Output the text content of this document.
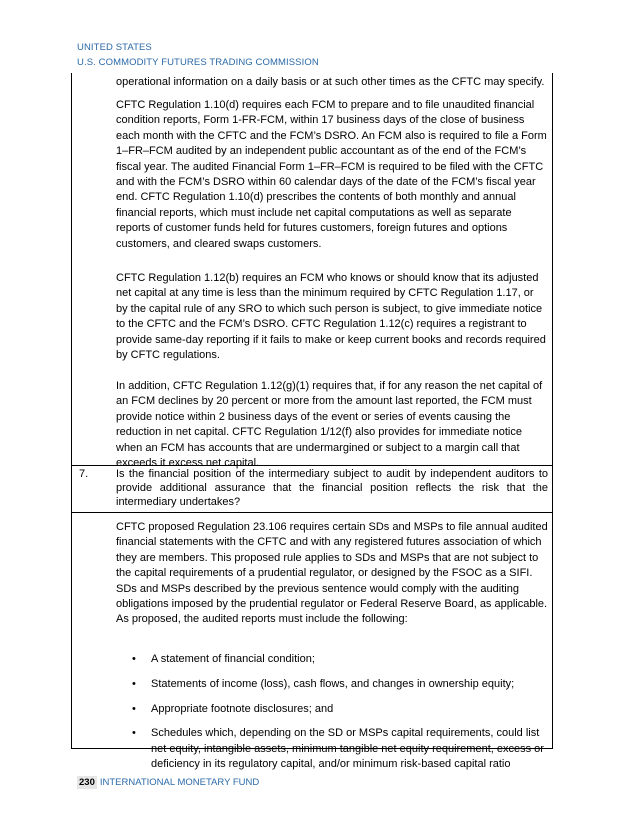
UNITED STATES
U.S. COMMODITY FUTURES TRADING COMMISSION
operational information on a daily basis or at such other times as the CFTC may specify.
CFTC Regulation 1.10(d) requires each FCM to prepare and to file unaudited financial condition reports, Form 1-FR-FCM, within 17 business days of the close of business each month with the CFTC and the FCM’s DSRO. An FCM also is required to file a Form 1–FR–FCM audited by an independent public accountant as of the end of the FCM’s fiscal year. The audited Financial Form 1–FR–FCM is required to be filed with the CFTC and with the FCM’s DSRO within 60 calendar days of the date of the FCM’s fiscal year end. CFTC Regulation 1.10(d) prescribes the contents of both monthly and annual financial reports, which must include net capital computations as well as separate reports of customer funds held for futures customers, foreign futures and options customers, and cleared swaps customers.
CFTC Regulation 1.12(b) requires an FCM who knows or should know that its adjusted net capital at any time is less than the minimum required by CFTC Regulation 1.17, or by the capital rule of any SRO to which such person is subject, to give immediate notice to the CFTC and the FCM’s DSRO. CFTC Regulation 1.12(c) requires a registrant to provide same-day reporting if it fails to make or keep current books and records required by CFTC regulations.
In addition, CFTC Regulation 1.12(g)(1) requires that, if for any reason the net capital of an FCM declines by 20 percent or more from the amount last reported, the FCM must provide notice within 2 business days of the event or series of events causing the reduction in net capital. CFTC Regulation 1/12(f) also provides for immediate notice when an FCM has accounts that are undermargined or subject to a margin call that exceeds it excess net capital.
7.	Is the financial position of the intermediary subject to audit by independent auditors to provide additional assurance that the financial position reflects the risk that the intermediary undertakes?
CFTC proposed Regulation 23.106 requires certain SDs and MSPs to file annual audited financial statements with the CFTC and with any registered futures association of which they are members. This proposed rule applies to SDs and MSPs that are not subject to the capital requirements of a prudential regulator, or designed by the FSOC as a SIFI. SDs and MSPs described by the previous sentence would comply with the auditing obligations imposed by the prudential regulator or Federal Reserve Board, as applicable. As proposed, the audited reports must include the following:
• A statement of financial condition;
• Statements of income (loss), cash flows, and changes in ownership equity;
• Appropriate footnote disclosures; and
• Schedules which, depending on the SD or MSPs capital requirements, could list net equity, intangible assets, minimum tangible net equity requirement, excess or deficiency in its regulatory capital, and/or minimum risk-based capital ratio
230 INTERNATIONAL MONETARY FUND
